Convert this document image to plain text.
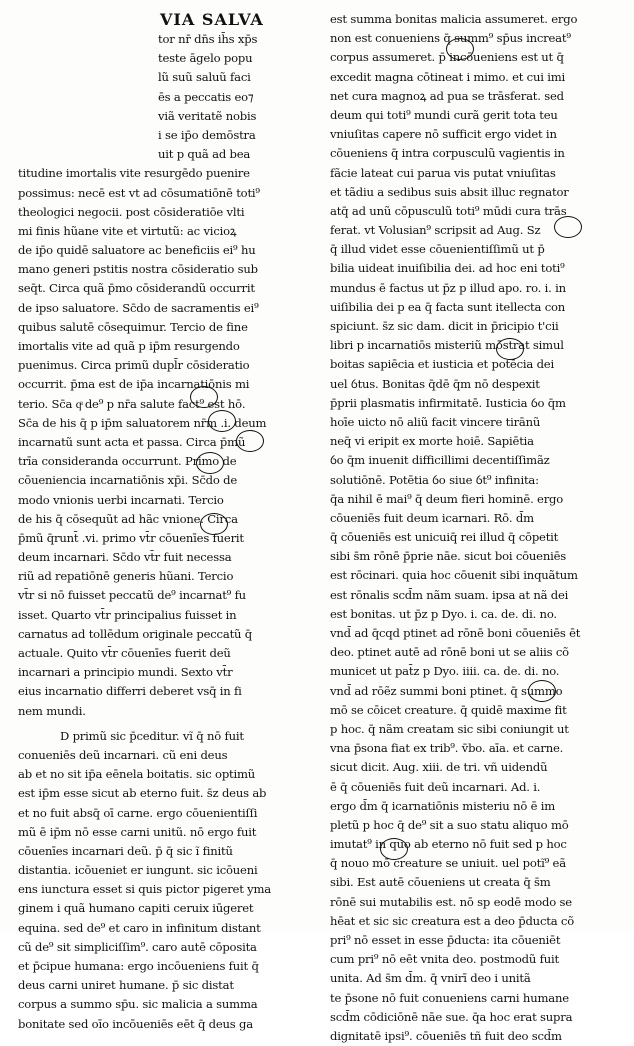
VIA SALVA
tor nr̄ dn̄s ih̄s xp̄s
teste āgelo popu
lũ suũ saluũ faci
ēs a peccatis eo⁊
viã veritatẽ nobis
i se ip̄o demōstra
uit p quã ad bea
titudine imortalis vite resurgēdo puenire
possimus: necē est vt ad cōsumatiōnē toti⁹
theologici negocii. post cōsideratiōe vlti
mi finis hũane vite et virtutũ: ac vicioꝝ
de ip̄o quidē saluatore ac beneficiis ei⁹ hu
mano generi pstitis nostra cōsideratio sub
seq̄t. Circa quã p̄mo cōsiderandũ occurrit
de ipso saluatore. Sc̄do de sacramentis ei⁹
quibus salutē cōsequimur. Tercio de fine
imortalis vite ad quã p ip̄m resurgendo
puenimus. Circa primũ dupl̄r cōsideratio
occurrit. p̄ma est de ip̄a incarnatiōnis mi
terio. Sc̄a qͣ de⁹ p nr̄a salute fact⁹ est hō.
Sc̄a de his q̄ p ip̄m saluatorem nr̄m .i. deum
incarnatũ sunt acta et passa. Circa p̄mũ
trīa consideranda occurrunt. Primo de
cōueniencia incarnatiōnis xp̄i. Sc̄do de
modo vnionis uerbi incarnati. Tercio
de his q̄ cōsequũt ad hãc vnione. Circa
p̄mũ q̄runt̄ .vi. primo vt̄r cōuenīes fuerit
deum incarnari. Sc̄do vt̄r fuit necessa
riũ ad repatiōnē generis hũani. Tercio
vt̄r si nō fuisset peccatũ de⁹ incarnat⁹ fu
isset. Quarto vt̄r principalius fuisset in
carnatus ad tollēdum originale peccatũ q̄
actuale. Quito vt̄r cōuenīes fuerit deũ
incarnari a principio mundi. Sexto vt̄r
eius incarnatio differri deberet vsq̄ in fi
nem mundi.
D primũ sic p̄ceditur. vĩ q̄ nō fuit
conueniēs deũ incarnari. cũ eni deus
ab et no sit ip̄a eēnela boitatis. sic optimũ
est ip̄m esse sicut ab eterno fuit. s̄z deus ab
et no fuit absq̄ oī carne. ergo cōuenientiſſi
mũ ē ip̄m nō esse carni unitũ. nō ergo fuit
cōuenīes incarnari deũ. p̄ q̄ sic ĩ finitũ
distantia. icōueniet er iungunt. sic icōueni
ens iunctura esset si quis pictor pigeret yma
ginem i quã humano capiti ceruix iūgeret
equina. sed de⁹ et caro in infinitum distant
cũ de⁹ sit simpliciſſim⁹. caro autē cōposita
et p̄cipue humana: ergo incōueniens fuit q̄
deus carni uniret humane. p̄ sic distat
corpus a summo sp̄u. sic malicia a summa
bonitate sed oīo incōueniēs eēt q̄ deus ga
est summa bonitas malicia assumeret. ergo
non est conueniens q̄ summ⁹ sp̄us increat⁹
corpus assumeret. p̄ incōueniens est ut q̄
excedit magna cōtineat i mimo. et cui imi
net cura magnoꝝ ad pua se trāsferat. sed
deum qui toti⁹ mundi curã gerit tota teu
vniuſitas capere nō sufficit ergo videt in
cōueniens q̄ intra corpusculũ vagientis in
fãcie lateat cui parua vis putat vniuſitas
et tãdiu a sedibus suis absit illuc regnator
atq̄ ad unũ cōpusculũ toti⁹ mūdi cura trās
ferat. vt Volusian⁹ scripsit ad Aug. Sz
q̄ illud videt esse cōuenientiſſimũ ut p̄
bilia uideat inuiſibilia dei. ad hoc eni toti⁹
mundus ē factus ut p̄z p illud apo. ro. i. in
uiſibilia dei p ea q̄ facta sunt itellecta con
spiciunt. s̄z sic dam. dicit in p̄ricipio t'cii
libri p incarnatiōs misteriũ mōstrat simul
boitas sapiēcia et iusticia et potēcia dei
uel ỽtus. Bonitas q̄dē q̄m nō despexit
p̄prii plasmatis infirmitatē. Iusticia ỽo q̄m
hoīe uicto nō aliũ facit vincere tirānũ
neq̄ vi eripit ex morte hoiē. Sapiētia
ỽo q̄m inuenit difficillimi decentiſſimãz
solutiōnē. Potētia ỽo siue ỽt⁹ infinita:
q̄a nihil ē mai⁹ q̄ deum fieri hominē. ergo
cōueniēs fuit deum icarnari. Rō. d̄m
q̄ cōueniēs est unicuiq̄ rei illud q̄ cōpetit
sibi s̄m rōnē p̄prie nāe. sicut boi cōueniēs
est rōcinari. quia hoc cōuenit sibi inquãtum
est rōnalis scd̄m nãm suam. ipsa at nã dei
est bonitas. ut p̄z p Dyo. i. ca. de. di. no.
vnd̄ ad q̄cqd ptinet ad rōnē boni cōueniēs ēt
deo. ptinet autē ad rōnē boni ut se aliis cõ
municet ut pat̄z p Dyo. iiii. ca. de. di. no.
vnd̄ ad rōẽz summi boni ptinet. q̄ summo
mō se cōicet creature. q̄ quidē maxime fit
p hoc. q̄ nãm creatam sic sibi coniungit ut
vna p̄sona fiat ex trib⁹. v̄bo. aīa. et carne.
sicut dicit. Aug. xiii. de tri. vñ uidendũ
ē q̄ cōueniēs fuit deũ incarnari. Ad. i.
ergo d̄m q̄ icarnatiōnis misteriu nō ē im
pletũ p hoc q̄ de⁹ sit a suo statu aliquo mō
imutat⁹ in quo ab eterno nō fuit sed p hoc
q̄ nouo mō creature se uniuit. uel potĩ⁹ eã
sibi. Est autē cōueniens ut creata q̄ s̄m
rōnē sui mutabilis est. nō sp eodē modo se
hēat et sic sic creatura est a deo p̄ducta cõ
pri⁹ nō esset in esse p̄ducta: ita cōueniēt
cum pri⁹ nō eēt vnita deo. postmodũ fuit
unita. Ad s̄m d̄m. q̄ vnirī deo i unitã
te p̄sone nō fuit conueniens carni humane
scd̄m cōdiciōnē nāe sue. q̄a hoc erat supra
dignitatē ipsi⁹. cōueniēs tñ fuit deo scd̄m
